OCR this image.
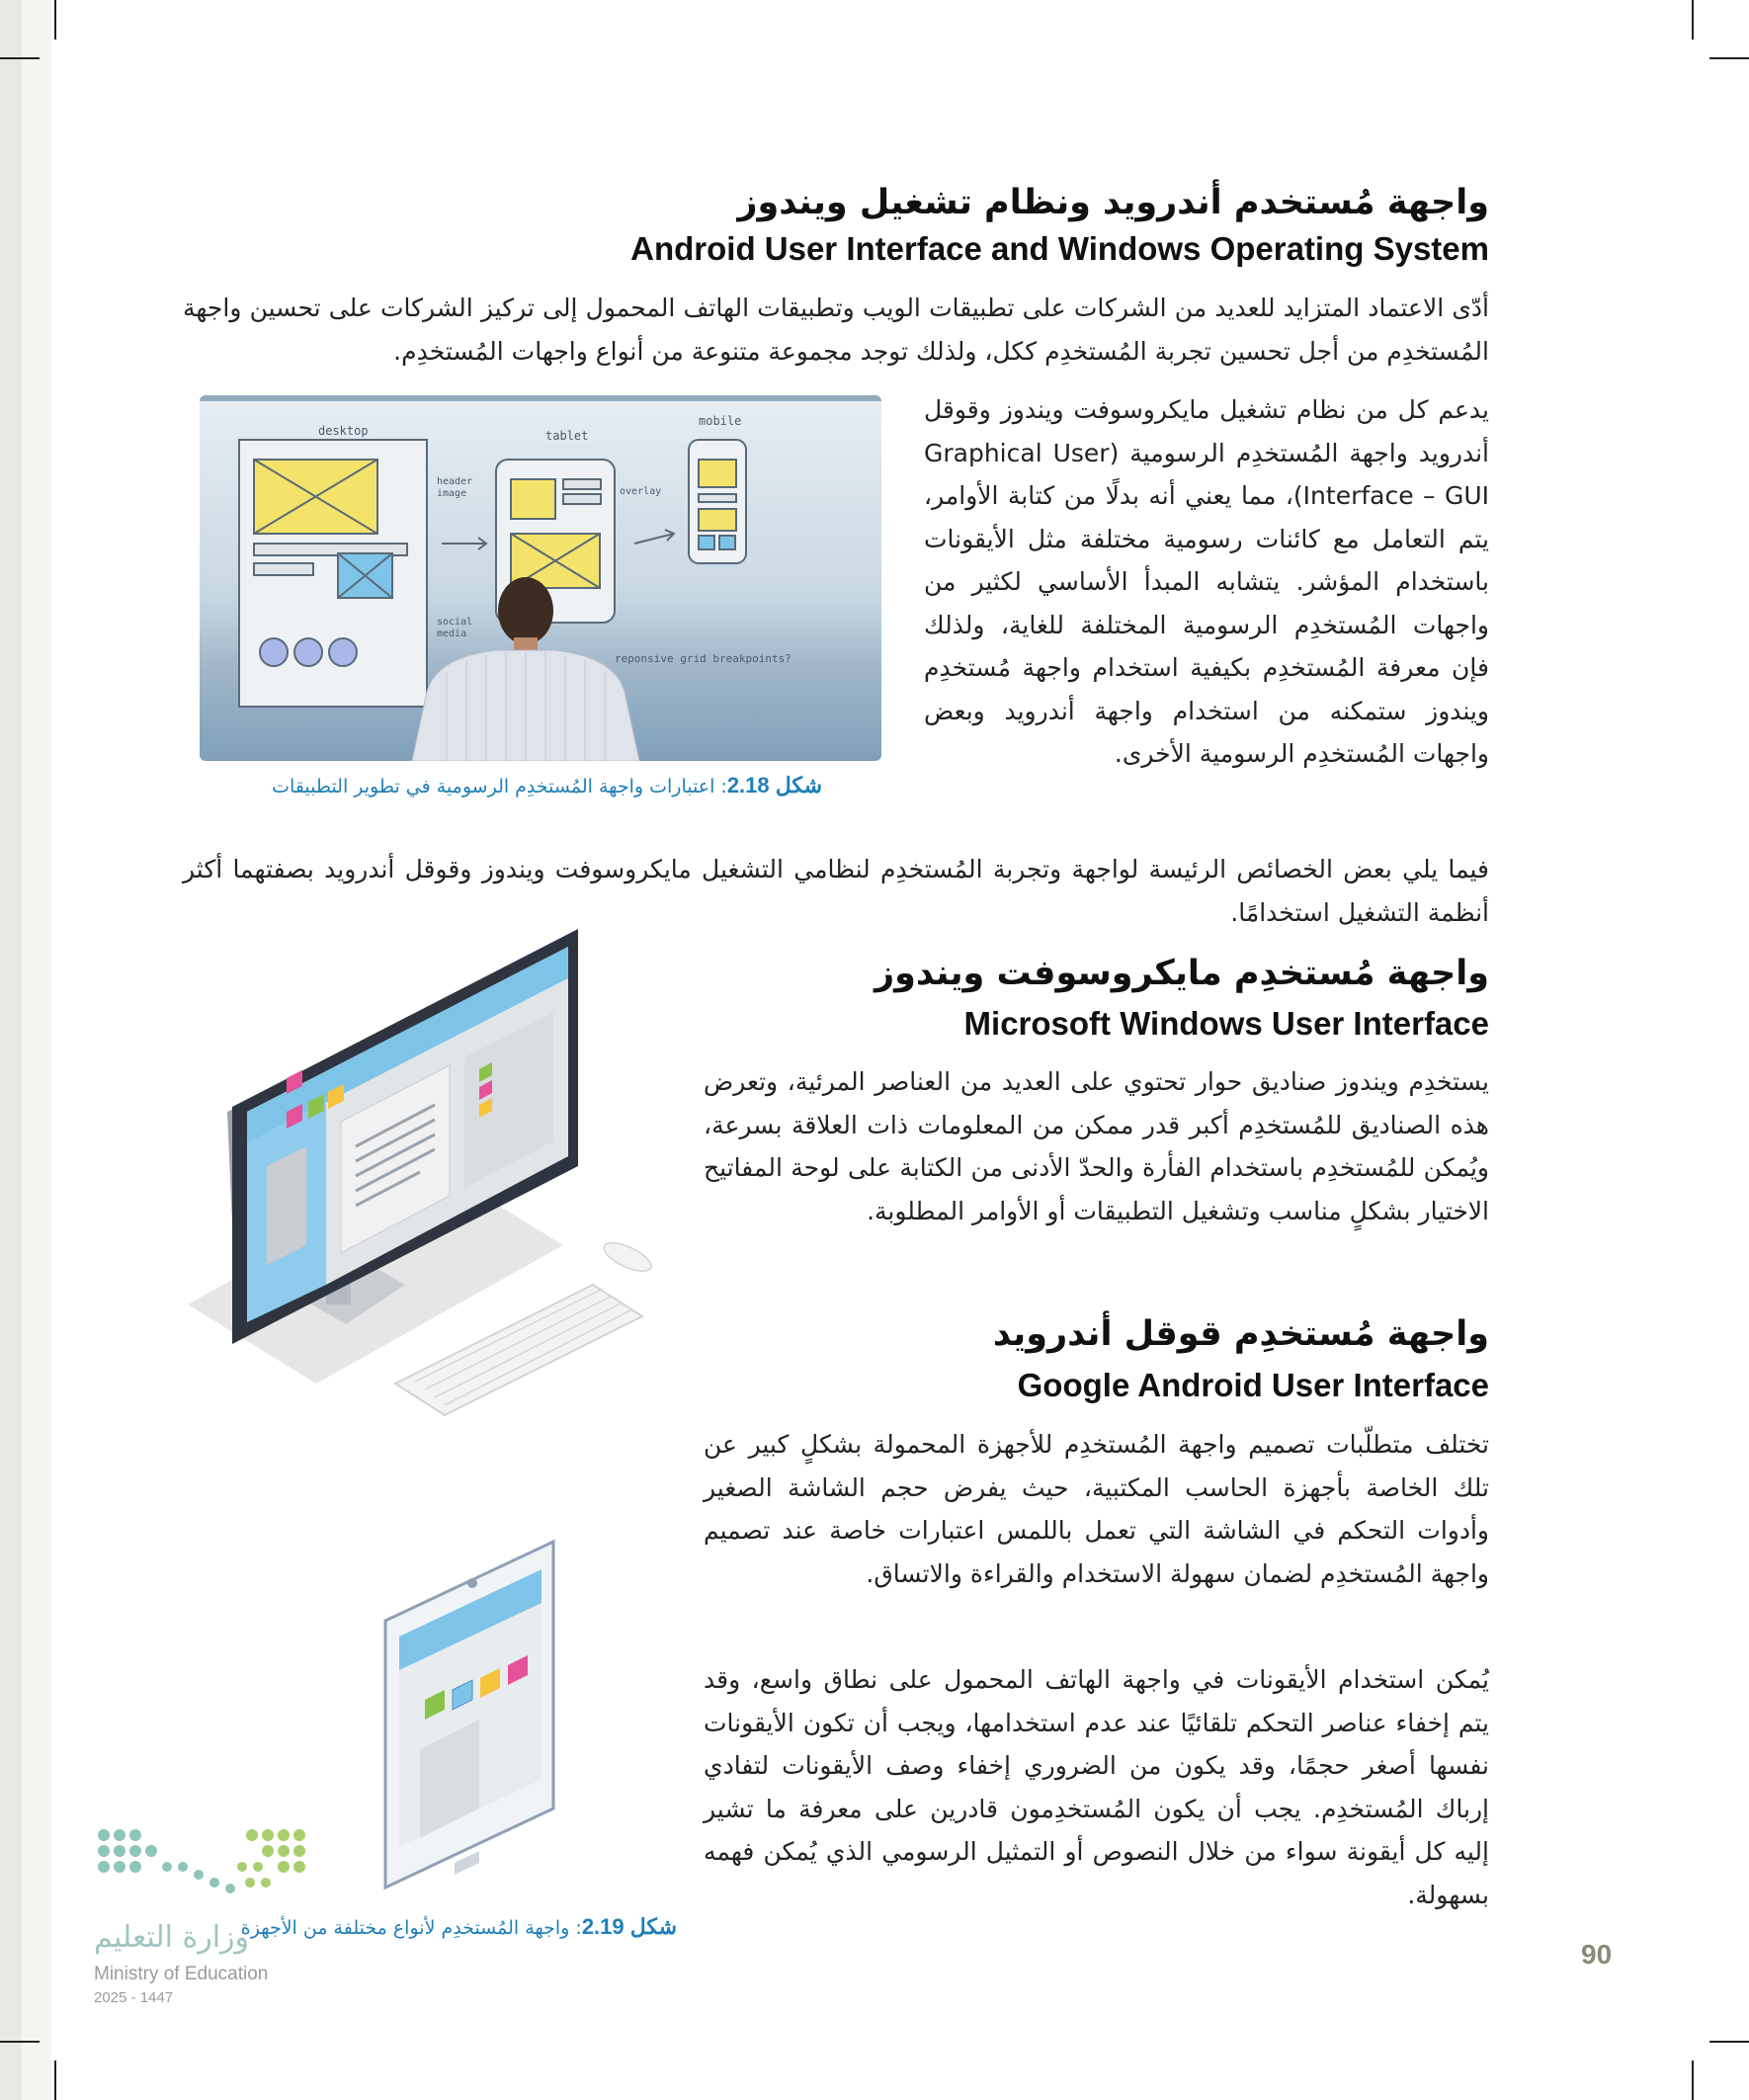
واجهة مُستخدم أندرويد ونظام تشغيل ويندوز
Android User Interface and Windows Operating System
أدّى الاعتماد المتزايد للعديد من الشركات على تطبيقات الويب وتطبيقات الهاتف المحمول إلى تركيز الشركات على تحسين واجهة المُستخدِم من أجل تحسين تجربة المُستخدِم ككل، ولذلك توجد مجموعة متنوعة من أنواع واجهات المُستخدِم.
desktop
header
image
social
media
tablet
overlay
mobile
reponsive grid breakpoints?
شكل 2.18: اعتبارات واجهة المُستخدِم الرسومية في تطوير التطبيقات
يدعم كل من نظام تشغيل مايكروسوفت ويندوز وقوقل أندرويد واجهة المُستخدِم الرسومية (Graphical User Interface – GUI)، مما يعني أنه بدلًا من كتابة الأوامر، يتم التعامل مع كائنات رسومية مختلفة مثل الأيقونات باستخدام المؤشر. يتشابه المبدأ الأساسي لكثير من واجهات المُستخدِم الرسومية المختلفة للغاية، ولذلك فإن معرفة المُستخدِم بكيفية استخدام واجهة مُستخدِم ويندوز ستمكنه من استخدام واجهة أندرويد وبعض واجهات المُستخدِم الرسومية الأخرى.
فيما يلي بعض الخصائص الرئيسة لواجهة وتجربة المُستخدِم لنظامي التشغيل مايكروسوفت ويندوز وقوقل أندرويد بصفتهما أكثر أنظمة التشغيل استخدامًا.
واجهة مُستخدِم مايكروسوفت ويندوز
Microsoft Windows User Interface
يستخدِم ويندوز صناديق حوار تحتوي على العديد من العناصر المرئية، وتعرض هذه الصناديق للمُستخدِم أكبر قدر ممكن من المعلومات ذات العلاقة بسرعة، ويُمكن للمُستخدِم باستخدام الفأرة والحدّ الأدنى من الكتابة على لوحة المفاتيح الاختيار بشكلٍ مناسب وتشغيل التطبيقات أو الأوامر المطلوبة.
واجهة مُستخدِم قوقل أندرويد
Google Android User Interface
تختلف متطلّبات تصميم واجهة المُستخدِم للأجهزة المحمولة بشكلٍ كبير عن تلك الخاصة بأجهزة الحاسب المكتبية، حيث يفرض حجم الشاشة الصغير وأدوات التحكم في الشاشة التي تعمل باللمس اعتبارات خاصة عند تصميم واجهة المُستخدِم لضمان سهولة الاستخدام والقراءة والاتساق.
يُمكن استخدام الأيقونات في واجهة الهاتف المحمول على نطاق واسع، وقد يتم إخفاء عناصر التحكم تلقائيًا عند عدم استخدامها، ويجب أن تكون الأيقونات نفسها أصغر حجمًا، وقد يكون من الضروري إخفاء وصف الأيقونات لتفادي إرباك المُستخدِم. يجب أن يكون المُستخدِمون قادرين على معرفة ما تشير إليه كل أيقونة سواء من خلال النصوص أو التمثيل الرسومي الذي يُمكن فهمه بسهولة.
شكل 2.19: واجهة المُستخدِم لأنواع مختلفة من الأجهزة
وزارة التعليم
Ministry of Education
2025 - 1447
90
